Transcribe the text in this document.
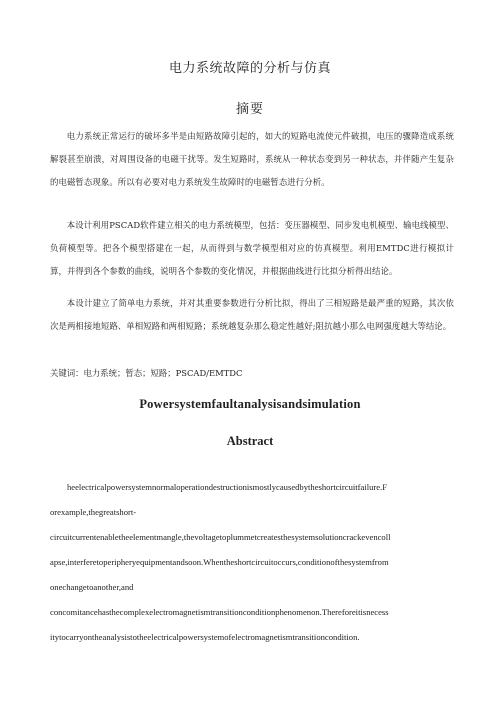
电力系统故障的分析与仿真
摘要

电力系统正常运行的破坏多半是由短路故障引起的，如大的短路电流使元件破损，电压的骤降造成系统解裂甚至崩溃，对周围设备的电磁干扰等。发生短路时，系统从一种状态变到另一种状态，并伴随产生复杂的电磁暂态现象。所以有必要对电力系统发生故障时的电磁暂态进行分析。

本设计利用PSCAD软件建立相关的电力系统模型，包括：变压器模型、同步发电机模型、输电线模型、负荷模型等。把各个模型搭建在一起，从而得到与数学模型相对应的仿真模型。利用EMTDC进行模拟计算，并得到各个参数的曲线，说明各个参数的变化情况，并根据曲线进行比拟分析得出结论。

本设计建立了简单电力系统，并对其重要参数进行分析比拟，得出了三相短路是最严重的短路，其次依次是两相接地短路、单相短路和两相短路；系统越复杂那么稳定性越好;阻抗越小那么电网强度越大等结论。

关键词：电力系统；暂态；短路；PSCAD/EMTDC
Powersystemfaultanalysisandsimulation
Abstract
heelectricalpowersystemnormaloperationdestructionismostlycausedbytheshortcircuitfailure.F
orexample,thegreatshort-
circuitcurrentenabletheelementmangle,thevoltagetoplummetcreatesthesystemsolutioncrackevencoll
apse,interferetoperipheryequipmentandsoon.Whentheshortcircuitoccurs,conditionofthesystemfrom
onechangetoanother,and
concomitancehasthecomplexelectromagnetismtransitionconditionphenomenon.Thereforeitisnecess
itytocarryontheanalysistotheelectricalpowersystemofelectromagnetismtransitioncondition.
